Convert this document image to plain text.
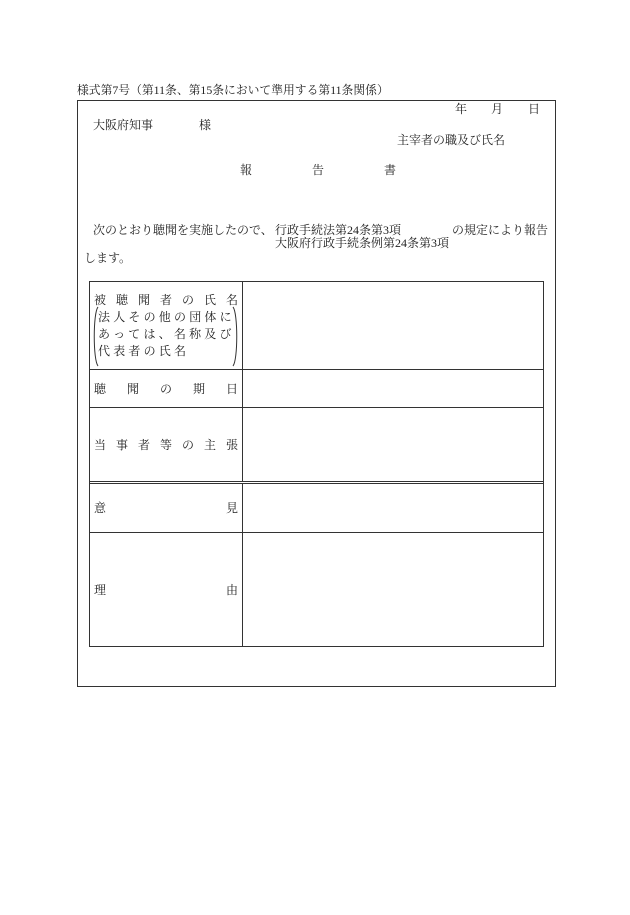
様式第7号（第11条、第15条において準用する第11条関係）
年 月 日
大阪府知事	様
主宰者の職及び氏名
報告書
次のとおり聴聞を実施したので、 行政手続法第24条第3項
大阪府行政手続条例第24条第3項
の規定により報告
します。
被聴聞者の氏名
法人その他の団体に
あっては、名称及び
代表者の氏名
聴聞の期日
当事者等の主張
意見
理由
